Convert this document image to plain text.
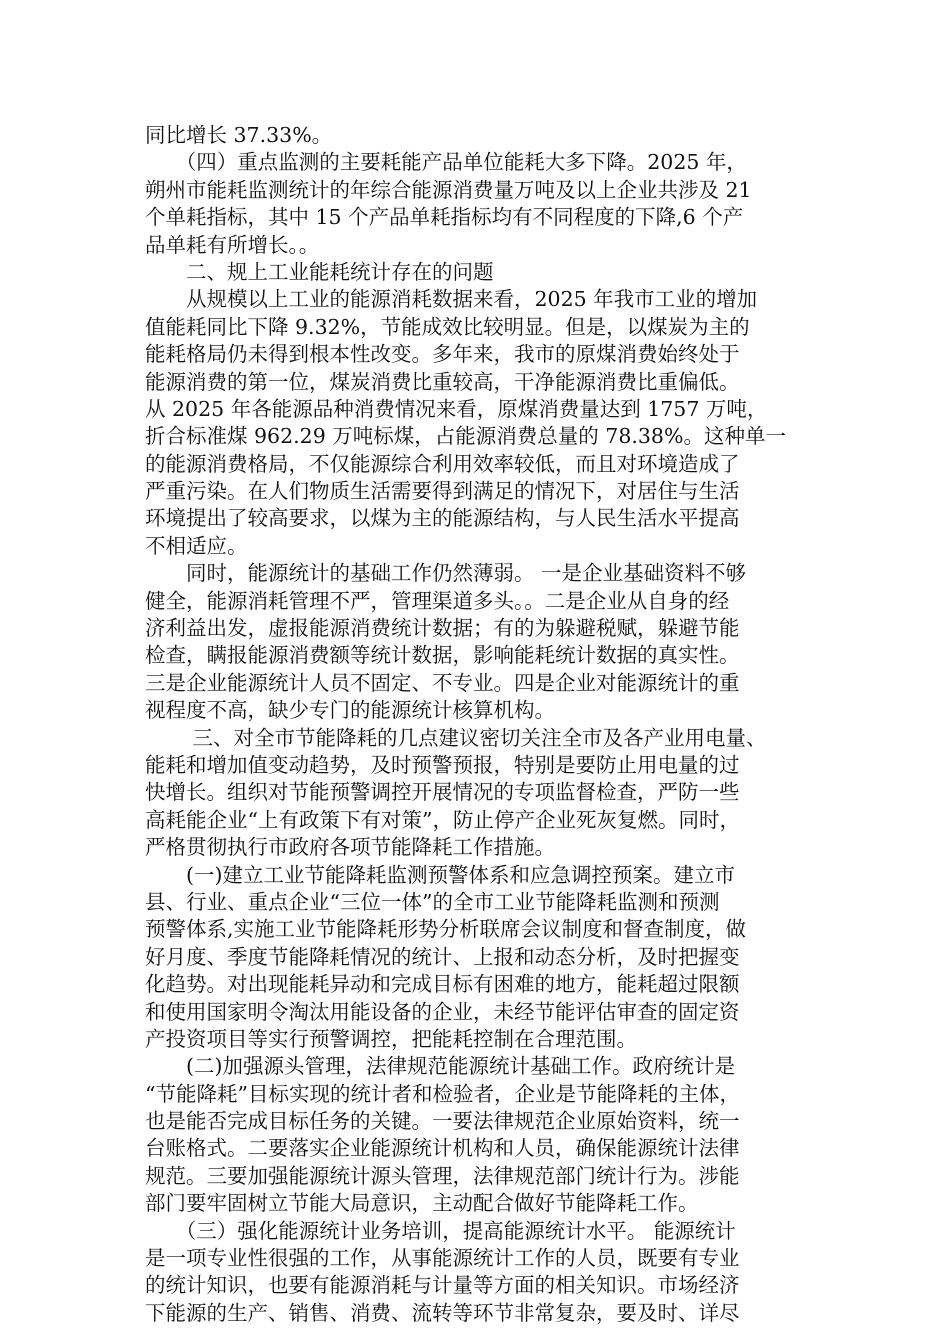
同比增长 37.33%。
　　（四）重点监测的主要耗能产品单位能耗大多下降。2025 年，
朔州市能耗监测统计的年综合能源消费量万吨及以上企业共涉及 21
个单耗指标，其中 15 个产品单耗指标均有不同程度的下降,6 个产
品单耗有所增长。。
　　二、规上工业能耗统计存在的问题
　　从规模以上工业的能源消耗数据来看，2025 年我市工业的增加
值能耗同比下降 9.32%，节能成效比较明显。但是，以煤炭为主的
能耗格局仍未得到根本性改变。多年来，我市的原煤消费始终处于
能源消费的第一位，煤炭消费比重较高，干净能源消费比重偏低。
从 2025 年各能源品种消费情况来看，原煤消费量达到 1757 万吨，
折合标准煤 962.29 万吨标煤，占能源消费总量的 78.38%。这种单一
的能源消费格局，不仅能源综合利用效率较低，而且对环境造成了
严重污染。在人们物质生活需要得到满足的情况下，对居住与生活
环境提出了较高要求，以煤为主的能源结构，与人民生活水平提高
不相适应。
　　同时，能源统计的基础工作仍然薄弱。 一是企业基础资料不够
健全，能源消耗管理不严，管理渠道多头。。二是企业从自身的经
济利益出发，虚报能源消费统计数据；有的为躲避税赋，躲避节能
检查，瞒报能源消费额等统计数据，影响能耗统计数据的真实性。
三是企业能源统计人员不固定、不专业。四是企业对能源统计的重
视程度不高，缺少专门的能源统计核算机构。
　　 三、对全市节能降耗的几点建议密切关注全市及各产业用电量、
能耗和增加值变动趋势，及时预警预报，特别是要防止用电量的过
快增长。组织对节能预警调控开展情况的专项监督检查，严防一些
高耗能企业“上有政策下有对策”，防止停产企业死灰复燃。同时，
严格贯彻执行市政府各项节能降耗工作措施。
　　(一)建立工业节能降耗监测预警体系和应急调控预案。建立市
县、行业、重点企业“三位一体”的全市工业节能降耗监测和预测
预警体系,实施工业节能降耗形势分析联席会议制度和督查制度，做
好月度、季度节能降耗情况的统计、上报和动态分析，及时把握变
化趋势。对出现能耗异动和完成目标有困难的地方，能耗超过限额
和使用国家明令淘汰用能设备的企业，未经节能评估审查的固定资
产投资项目等实行预警调控，把能耗控制在合理范围。
　　(二)加强源头管理，法律规范能源统计基础工作。政府统计是
“节能降耗”目标实现的统计者和检验者，企业是节能降耗的主体，
也是能否完成目标任务的关键。一要法律规范企业原始资料，统一
台账格式。二要落实企业能源统计机构和人员，确保能源统计法律
规范。三要加强能源统计源头管理，法律规范部门统计行为。涉能
部门要牢固树立节能大局意识，主动配合做好节能降耗工作。
　　（三）强化能源统计业务培训，提高能源统计水平。 能源统计
是一项专业性很强的工作，从事能源统计工作的人员，既要有专业
的统计知识，也要有能源消耗与计量等方面的相关知识。市场经济
下能源的生产、销售、消费、流转等环节非常复杂，要及时、详尽
